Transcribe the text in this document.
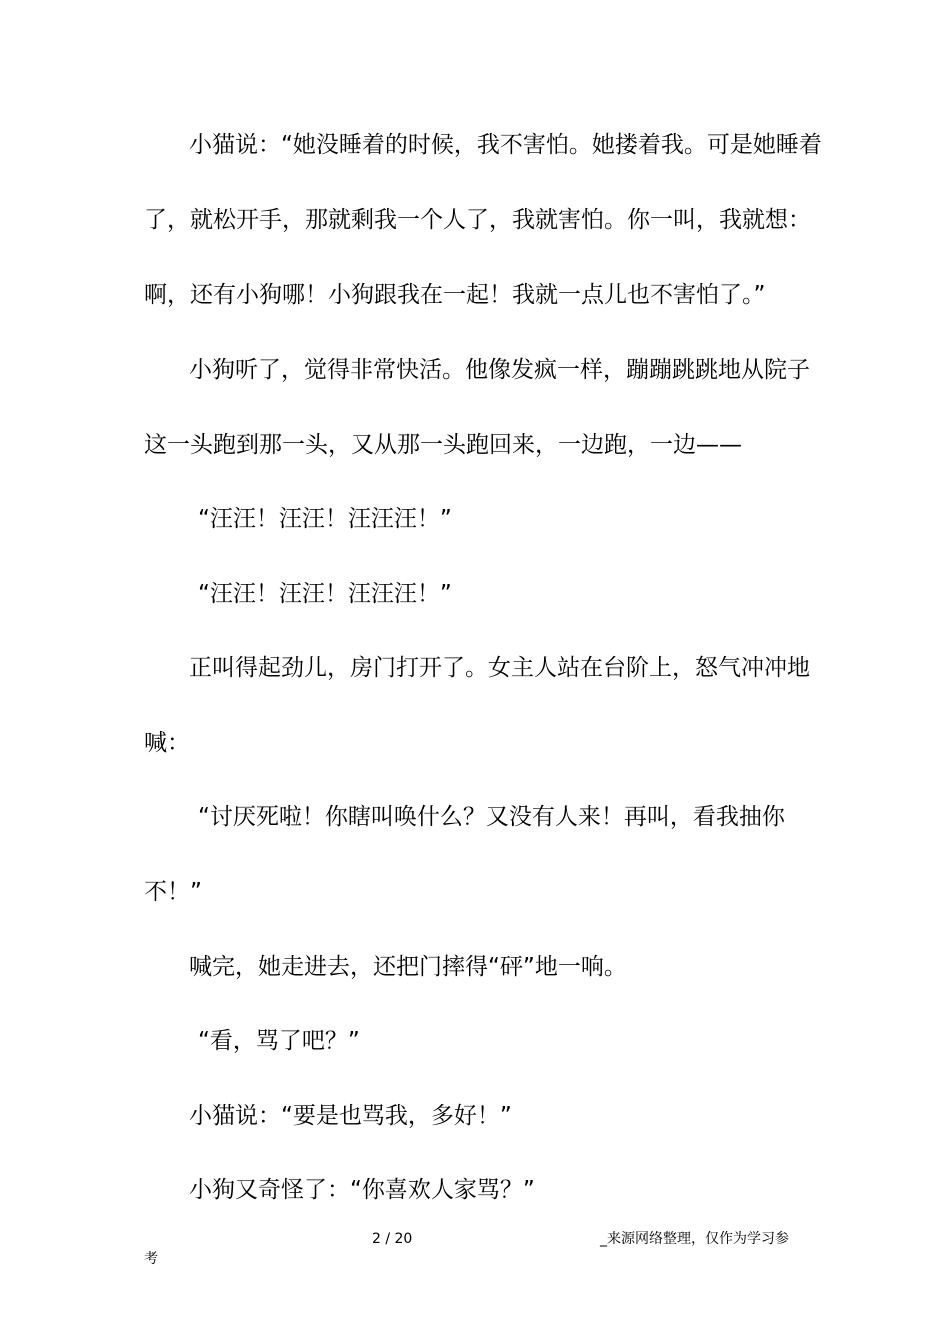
小猫说：“她没睡着的时候，我不害怕。她搂着我。可是她睡着
了，就松开手，那就剩我一个人了，我就害怕。你一叫，我就想：
啊，还有小狗哪！小狗跟我在一起！我就一点儿也不害怕了。”
小狗听了，觉得非常快活。他像发疯一样，蹦蹦跳跳地从院子
这一头跑到那一头，又从那一头跑回来，一边跑，一边——
“汪汪！汪汪！汪汪汪！”
“汪汪！汪汪！汪汪汪！”
正叫得起劲儿，房门打开了。女主人站在台阶上，怒气冲冲地
喊：
“讨厌死啦！你瞎叫唤什么？又没有人来！再叫，看我抽你
不！”
喊完，她走进去，还把门摔得“砰”地一响。
“看，骂了吧？”
小猫说：“要是也骂我，多好！”
小狗又奇怪了：“你喜欢人家骂？”
2 / 20	_来源网络整理，仅作为学习参
考
